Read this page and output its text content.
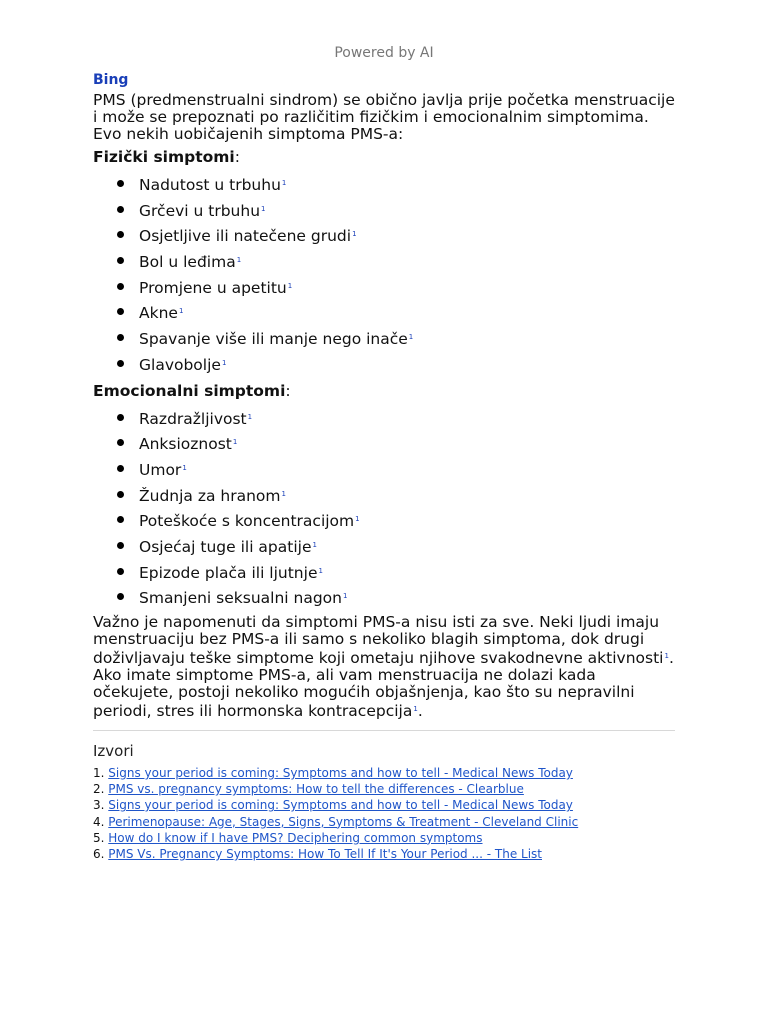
Powered by AI
Bing

PMS (predmenstrualni sindrom) se obično javlja prije početka menstruacije i može se prepoznati po različitim fizičkim i emocionalnim simptomima. Evo nekih uobičajenih simptoma PMS-a:

Fizički simptomi:
Nadutost u trbuhu$^1$
Grčevi u trbuhu$^1$
Osjetljive ili natečene grudi$^1$
Bol u leđima$^1$
Promjene u apetitu$^1$
Akne$^1$
Spavanje više ili manje nego inače$^1$
Glavobolje$^1$
Emocionalni simptomi:
Razdražljivost$^1$
Anksioznost$^1$
Umor$^1$
Žudnja za hranom$^1$
Poteškoće s koncentracijom$^1$
Osjećaj tuge ili apatije$^1$
Epizode plača ili ljutnje$^1$
Smanjeni seksualni nagon$^1$
Važno je napomenuti da simptomi PMS-a nisu isti za sve. Neki ljudi imaju menstruaciju bez PMS-a ili samo s nekoliko blagih simptoma, dok drugi doživljavaju teške simptome koji ometaju njihove svakodnevne aktivnosti$^1$. Ako imate simptome PMS-a, ali vam menstruacija ne dolazi kada očekujete, postoji nekoliko mogućih objašnjenja, kao što su nepravilni periodi, stres ili hormonska kontracepcija$^1$.
Izvori
1. Signs your period is coming: Symptoms and how to tell - Medical News Today
2. PMS vs. pregnancy symptoms: How to tell the differences - Clearblue
3. Signs your period is coming: Symptoms and how to tell - Medical News Today
4. Perimenopause: Age, Stages, Signs, Symptoms & Treatment - Cleveland Clinic
5. How do I know if I have PMS? Deciphering common symptoms
6. PMS Vs. Pregnancy Symptoms: How To Tell If It's Your Period ... - The List
